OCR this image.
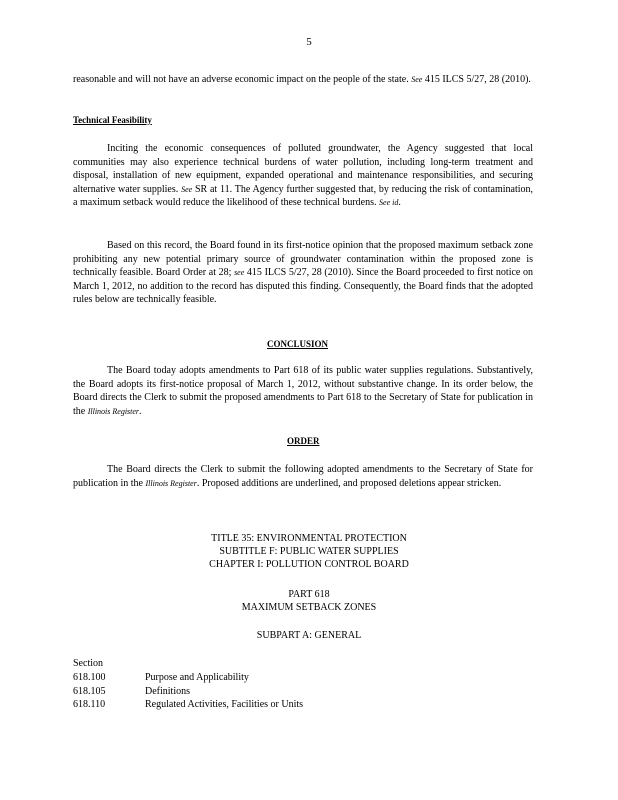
5
reasonable and will not have an adverse economic impact on the people of the state. See 415 ILCS 5/27, 28 (2010).
Technical Feasibility
Inciting the economic consequences of polluted groundwater, the Agency suggested that local communities may also experience technical burdens of water pollution, including long-term treatment and disposal, installation of new equipment, expanded operational and maintenance responsibilities, and securing alternative water supplies. See SR at 11. The Agency further suggested that, by reducing the risk of contamination, a maximum setback would reduce the likelihood of these technical burdens. See id.
Based on this record, the Board found in its first-notice opinion that the proposed maximum setback zone prohibiting any new potential primary source of groundwater contamination within the proposed zone is technically feasible. Board Order at 28; see 415 ILCS 5/27, 28 (2010). Since the Board proceeded to first notice on March 1, 2012, no addition to the record has disputed this finding. Consequently, the Board finds that the adopted rules below are technically feasible.
CONCLUSION
The Board today adopts amendments to Part 618 of its public water supplies regulations. Substantively, the Board adopts its first-notice proposal of March 1, 2012, without substantive change. In its order below, the Board directs the Clerk to submit the proposed amendments to Part 618 to the Secretary of State for publication in the Illinois Register.
ORDER
The Board directs the Clerk to submit the following adopted amendments to the Secretary of State for publication in the Illinois Register. Proposed additions are underlined, and proposed deletions appear stricken.
TITLE 35: ENVIRONMENTAL PROTECTION
SUBTITLE F: PUBLIC WATER SUPPLIES
CHAPTER I: POLLUTION CONTROL BOARD
PART 618
MAXIMUM SETBACK ZONES
SUBPART A: GENERAL
Section
618.100	Purpose and Applicability
618.105	Definitions
618.110	Regulated Activities, Facilities or Units
